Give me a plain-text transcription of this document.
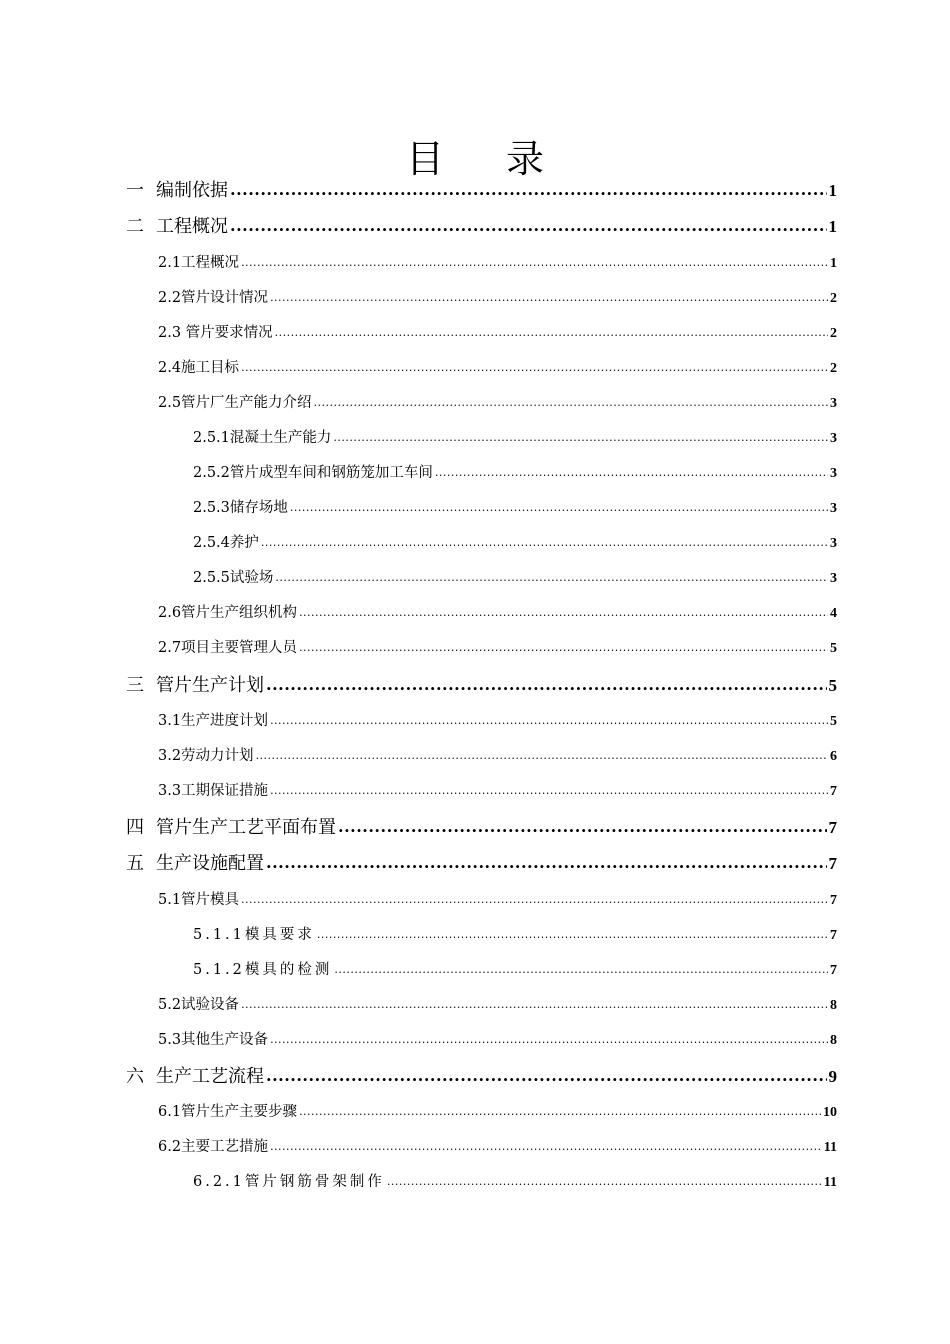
目 录
一 编制依据 .....	1
二 工程概况 .....	1
2.1工程概况 .....	1
2.2管片设计情况 .....	2
2.3 管片要求情况 .....	2
2.4施工目标 .....	2
2.5管片厂生产能力介绍 .....	3
2.5.1混凝土生产能力 .....	3
2.5.2管片成型车间和钢筋笼加工车间 .....	3
2.5.3储存场地 .....	3
2.5.4养护 .....	3
2.5.5试验场 .....	3
2.6管片生产组织机构 .....	4
2.7项目主要管理人员 .....	5
三 管片生产计划 .....	5
3.1生产进度计划 .....	5
3.2劳动力计划 .....	6
3.3工期保证措施 .....	7
四 管片生产工艺平面布置 .....	7
五 生产设施配置 .....	7
5.1管片模具 .....	7
5.1.1模具要求 .....	7
5.1.2模具的检测 .....	7
5.2试验设备 .....	8
5.3其他生产设备 .....	8
六 生产工艺流程 .....	9
6.1管片生产主要步骤 .....	10
6.2主要工艺措施 .....	11
6.2.1管片钢筋骨架制作 .....	11
